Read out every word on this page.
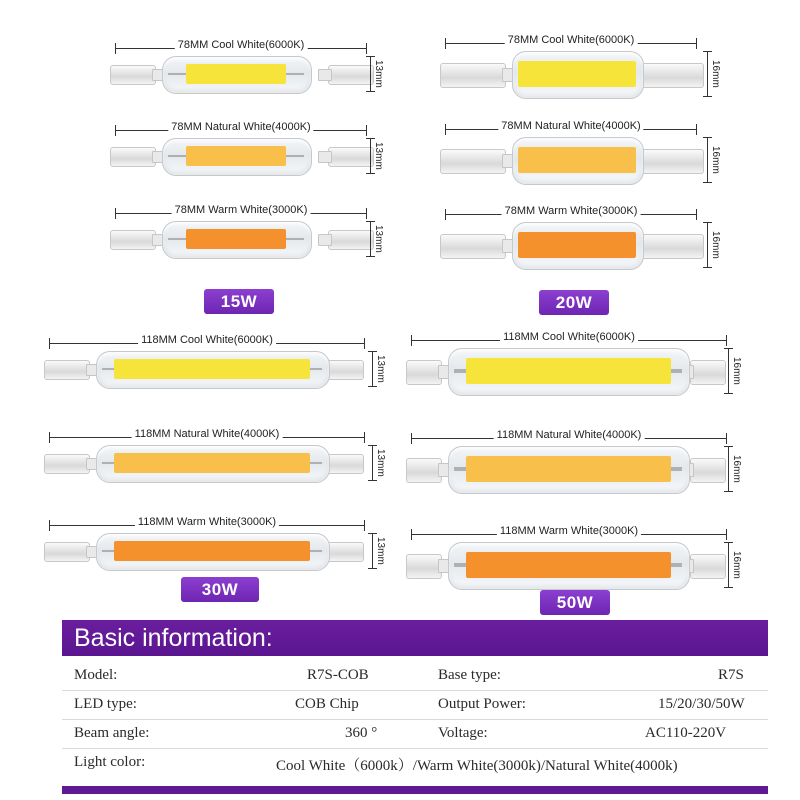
78MM Cool White(6000K)
13mm
78MM Natural White(4000K)
13mm
78MM Warm White(3000K)
13mm
15W
78MM Cool White(6000K)
16mm
78MM Natural White(4000K)
16mm
78MM Warm White(3000K)
16mm
20W
118MM Cool White(6000K)
13mm
118MM Natural White(4000K)
13mm
118MM Warm White(3000K)
13mm
30W
118MM Cool White(6000K)
16mm
118MM Natural White(4000K)
16mm
118MM Warm White(3000K)
16mm
50W
Basic information:
Model:	R7S-COB	Base type:	R7S
LED type:	COB Chip	Output Power:	15/20/30/50W
Beam angle:	360 °	Voltage:	AC110-220V
Light color:	Cool White（6000k）/Warm White(3000k)/Natural White(4000k)
